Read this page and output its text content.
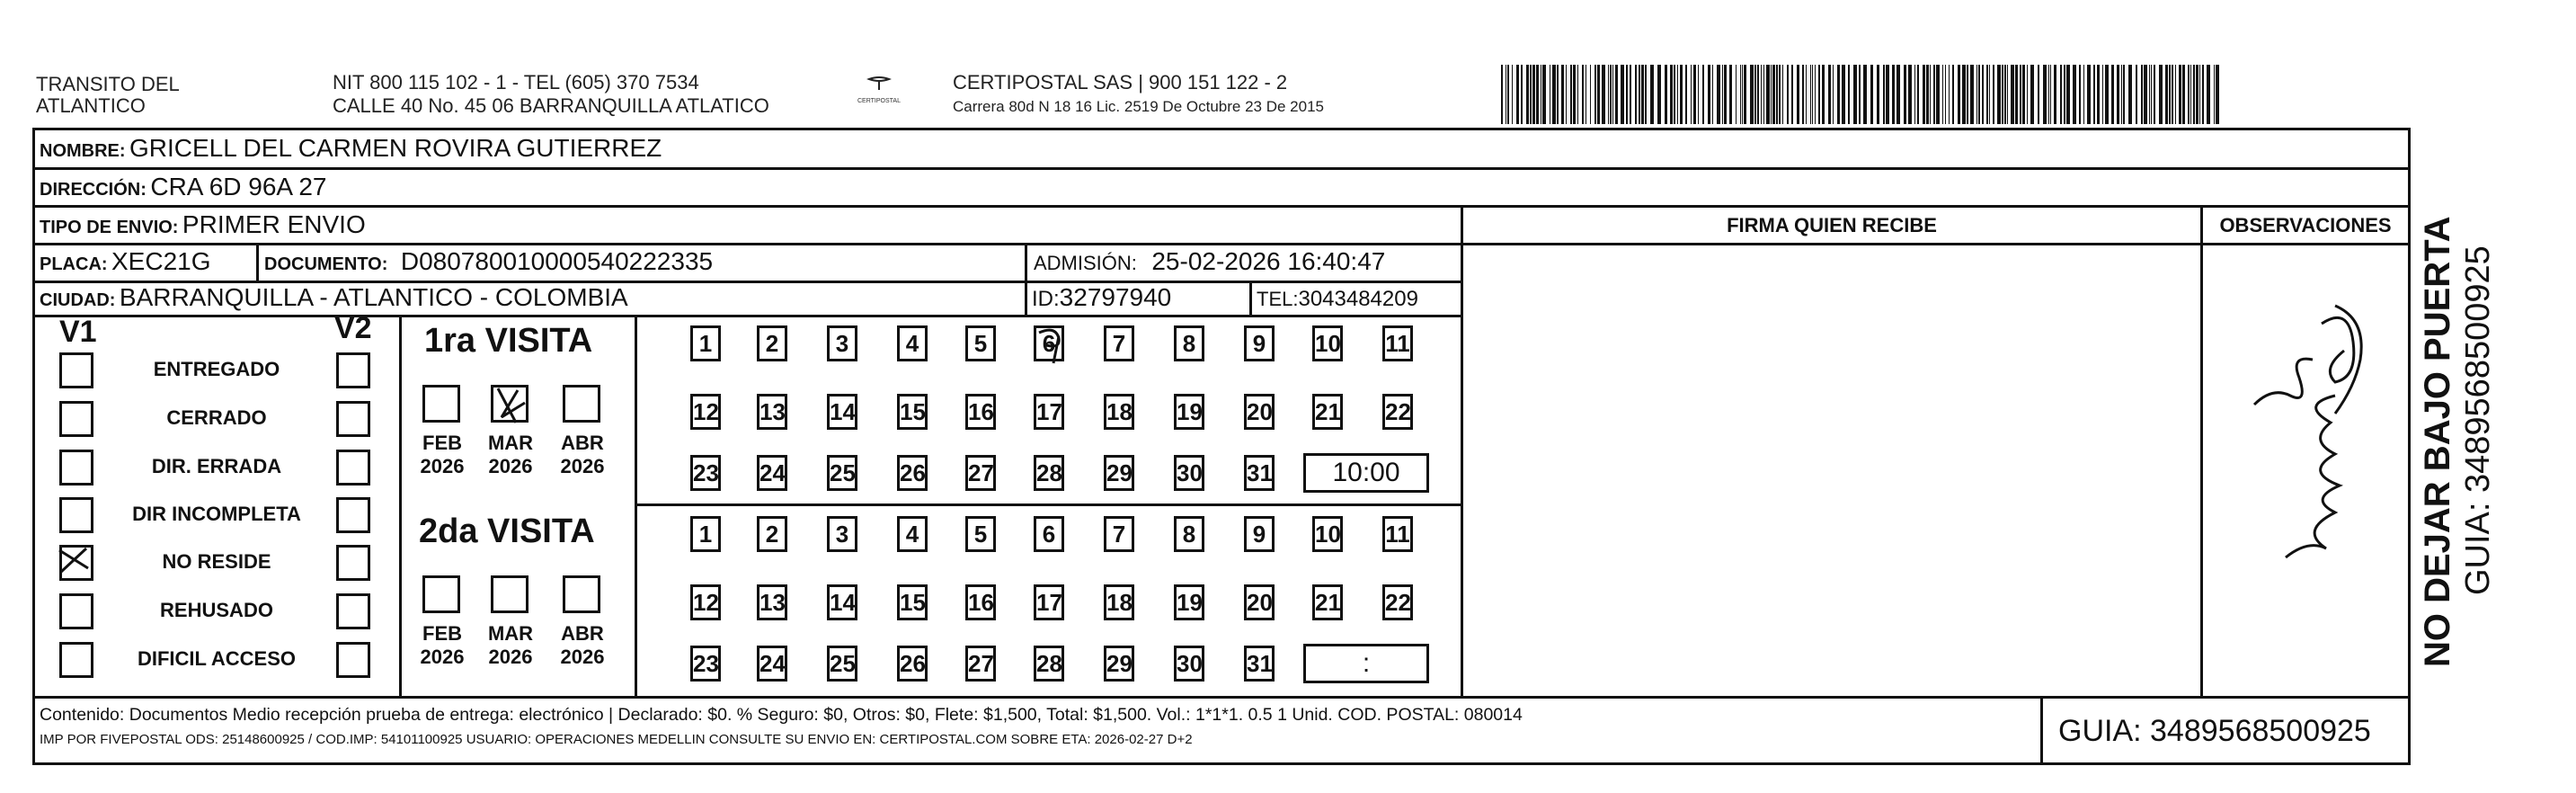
TRANSITO DEL
ATLANTICO
NIT 800 115 102 - 1 - TEL (605) 370 7534
CALLE 40 No. 45 06 BARRANQUILLA ATLATICO	CERTIPOSTAL
CERTIPOSTAL SAS | 900 151 122 - 2
Carrera 80d N 18 16 Lic. 2519 De Octubre 23 De 2015
NOMBRE: GRICELL DEL CARMEN ROVIRA GUTIERREZ
DIRECCIÓN: CRA 6D 96A 27
TIPO DE ENVIO: PRIMER ENVIO
PLACA: XEC21G	DOCUMENTO: D080780010000540222335	ADMISIÓN: 25-02-2026 16:40:47
CIUDAD: BARRANQUILLA - ATLANTICO - COLOMBIA	ID:32797940	TEL:3043484209
FIRMA QUIEN RECIBE	OBSERVACIONES
V1	V2
ENTREGADO
CERRADO
DIR. ERRADA
DIR INCOMPLETA
NO RESIDE
REHUSADO
DIFICIL ACCESO
1ra VISITA
FEB
2026
MAR
2026
ABR
2026
1	2	3	4	5	6	7	8	9	10 11
12 13 14 15 16 17 18 19 20 21 22
23 24 25 26 27 28 29 30 31	10:00
2da VISITA
FEB
2026
MAR
2026
ABR
2026
1	2	3	4	5	6	7	8	9	10 11
12 13 14 15 16 17 18 19 20 21 22
23 24 25 26 27 28 29 30 31	:	NO DEJAR BAJO PUERTA GUIA: 3489568500925
Contenido: Documentos Medio recepción prueba de entrega: electrónico | Declarado: $0. % Seguro: $0, Otros: $0, Flete: $1,500, Total: $1,500. Vol.: 1*1*1. 0.5 1 Unid. COD. POSTAL: 080014
IMP POR FIVEPOSTAL ODS: 25148600925 / COD.IMP: 54101100925 USUARIO: OPERACIONES MEDELLIN CONSULTE SU ENVIO EN: CERTIPOSTAL.COM SOBRE ETA: 2026-02-27 D+2	GUIA: 3489568500925
